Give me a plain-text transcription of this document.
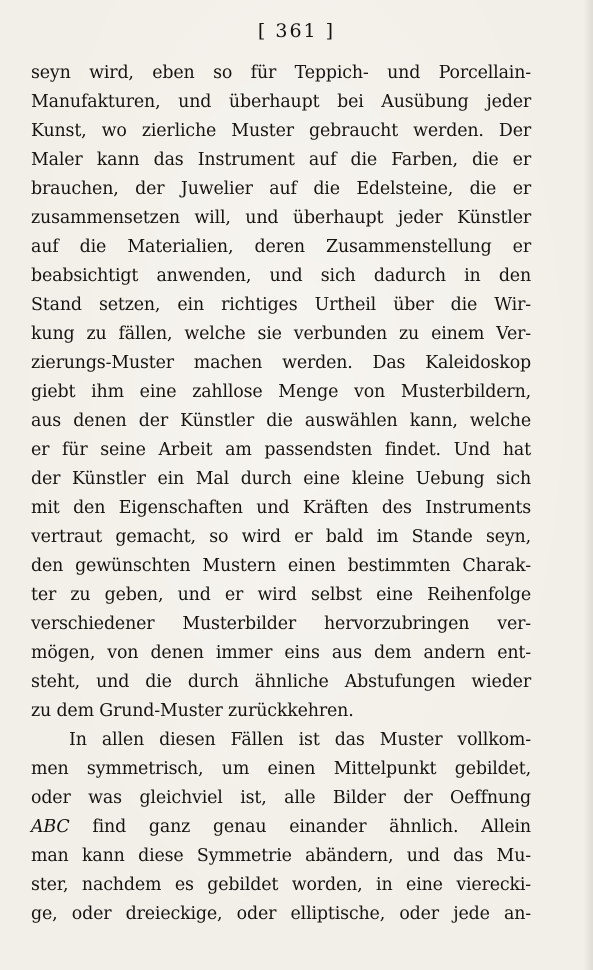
[ 361 ]
seyn wird, eben so für Teppich- und Porcellain-
Manufakturen, und überhaupt bei Ausübung jeder
Kunst, wo zierliche Muster gebraucht werden. Der
Maler kann das Instrument auf die Farben, die er
brauchen, der Juwelier auf die Edelsteine, die er
zusammensetzen will, und überhaupt jeder Künstler
auf die Materialien, deren Zusammenstellung er
beabsichtigt anwenden, und sich dadurch in den
Stand setzen, ein richtiges Urtheil über die Wir-
kung zu fällen, welche sie verbunden zu einem Ver-
zierungs-Muster machen werden. Das Kaleidoskop
giebt ihm eine zahllose Menge von Musterbildern,
aus denen der Künstler die auswählen kann, welche
er für seine Arbeit am passendsten findet. Und hat
der Künstler ein Mal durch eine kleine Uebung sich
mit den Eigenschaften und Kräften des Instruments
vertraut gemacht, so wird er bald im Stande seyn,
den gewünschten Mustern einen bestimmten Charak-
ter zu geben, und er wird selbst eine Reihenfolge
verschiedener Musterbilder hervorzubringen ver-
mögen, von denen immer eins aus dem andern ent-
steht, und die durch ähnliche Abstufungen wieder
zu dem Grund-Muster zurückkehren.
In allen diesen Fällen ist das Muster vollkom-
men symmetrisch, um einen Mittelpunkt gebildet,
oder was gleichviel ist, alle Bilder der Oeffnung
ABC find ganz genau einander ähnlich. Allein
man kann diese Symmetrie abändern, und das Mu-
ster, nachdem es gebildet worden, in eine vierecki-
ge, oder dreieckige, oder elliptische, oder jede an-
